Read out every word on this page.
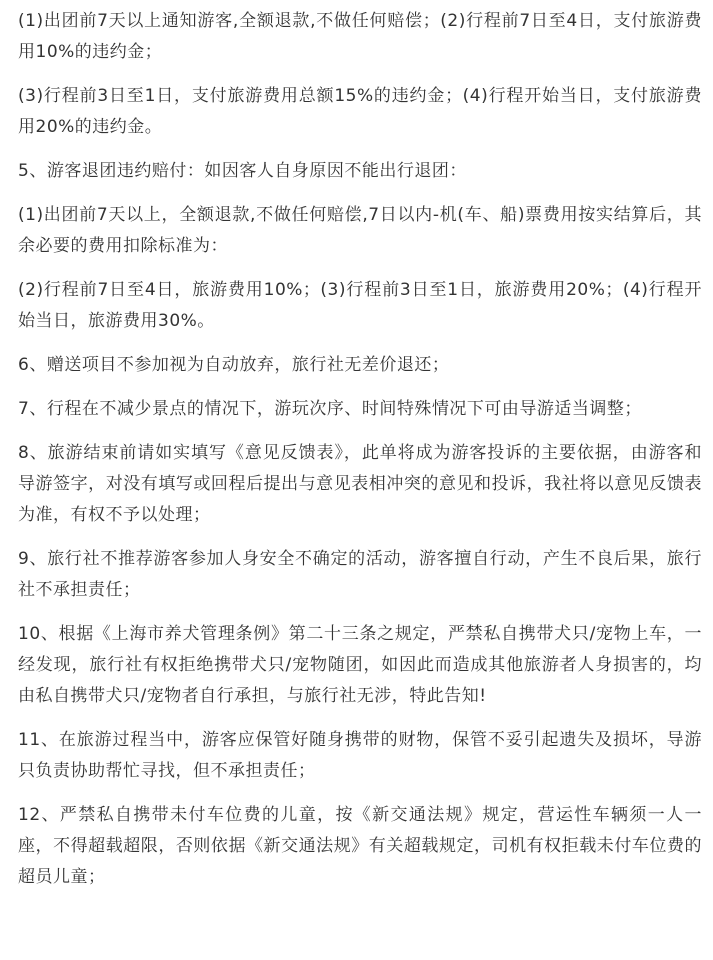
(1)出团前7天以上通知游客,全额退款,不做任何赔偿；(2)行程前7日至4日，支付旅游费用10%的违约金；

(3)行程前3日至1日，支付旅游费用总额15%的违约金；(4)行程开始当日，支付旅游费用20%的违约金。

5、游客退团违约赔付：如因客人自身原因不能出行退团：

(1)出团前7天以上，全额退款,不做任何赔偿,7日以内-机(车、船)票费用按实结算后，其余必要的费用扣除标准为：

(2)行程前7日至4日，旅游费用10%；(3)行程前3日至1日，旅游费用20%；(4)行程开始当日，旅游费用30%。

6、赠送项目不参加视为自动放弃，旅行社无差价退还；

7、行程在不减少景点的情况下，游玩次序、时间特殊情况下可由导游适当调整；

8、旅游结束前请如实填写《意见反馈表》，此单将成为游客投诉的主要依据，由游客和导游签字，对没有填写或回程后提出与意见表相冲突的意见和投诉，我社将以意见反馈表为准，有权不予以处理；

9、旅行社不推荐游客参加人身安全不确定的活动，游客擅自行动，产生不良后果，旅行社不承担责任；

10、根据《上海市养犬管理条例》第二十三条之规定，严禁私自携带犬只/宠物上车，一经发现，旅行社有权拒绝携带犬只/宠物随团，如因此而造成其他旅游者人身损害的，均由私自携带犬只/宠物者自行承担，与旅行社无涉，特此告知!

11、在旅游过程当中，游客应保管好随身携带的财物，保管不妥引起遗失及损坏，导游只负责协助帮忙寻找，但不承担责任；

12、严禁私自携带未付车位费的儿童，按《新交通法规》规定，营运性车辆须一人一座，不得超载超限，否则依据《新交通法规》有关超载规定，司机有权拒载未付车位费的超员儿童；
